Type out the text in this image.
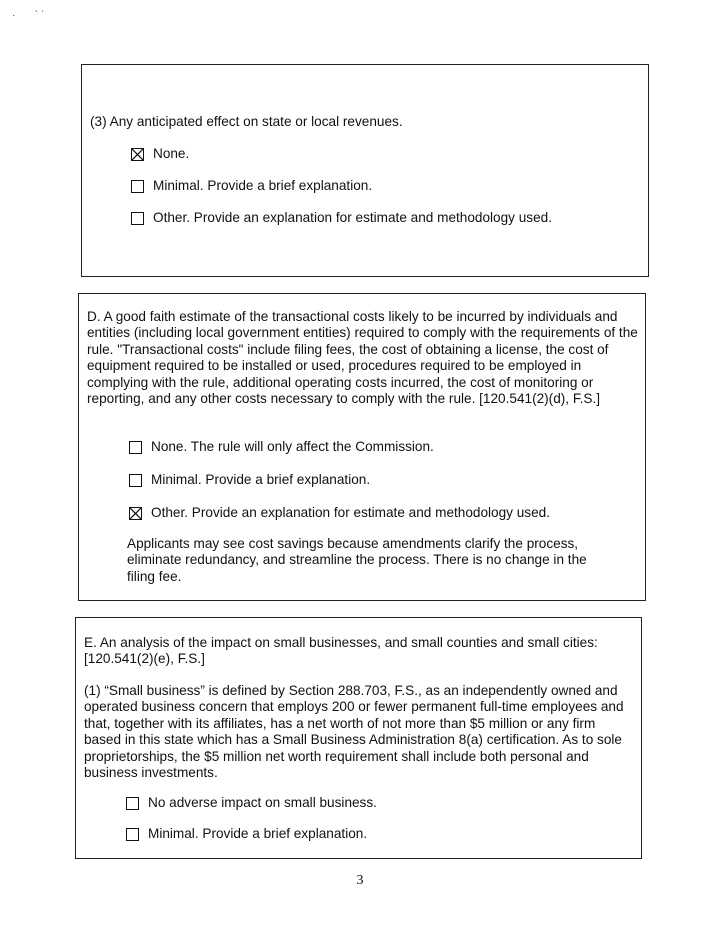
·       ˋ ˈ

(3) Any anticipated effect on state or local revenues.

None.
Minimal. Provide a brief explanation.
Other. Provide an explanation for estimate and methodology used.

D. A good faith estimate of the transactional costs likely to be incurred by individuals and entities (including local government entities) required to comply with the requirements of the rule. "Transactional costs" include filing fees, the cost of obtaining a license, the cost of equipment required to be installed or used, procedures required to be employed in complying with the rule, additional operating costs incurred, the cost of monitoring or reporting, and any other costs necessary to comply with the rule. [120.541(2)(d), F.S.]

None. The rule will only affect the Commission.
Minimal. Provide a brief explanation.
Other. Provide an explanation for estimate and methodology used.

Applicants may see cost savings because amendments clarify the process, eliminate redundancy, and streamline the process. There is no change in the filing fee.

E. An analysis of the impact on small businesses, and small counties and small cities: [120.541(2)(e), F.S.]

(1) “Small business” is defined by Section 288.703, F.S., as an independently owned and operated business concern that employs 200 or fewer permanent full-time employees and that, together with its affiliates, has a net worth of not more than $5 million or any firm based in this state which has a Small Business Administration 8(a) certification. As to sole proprietorships, the $5 million net worth requirement shall include both personal and business investments.

No adverse impact on small business.
Minimal. Provide a brief explanation.
3
